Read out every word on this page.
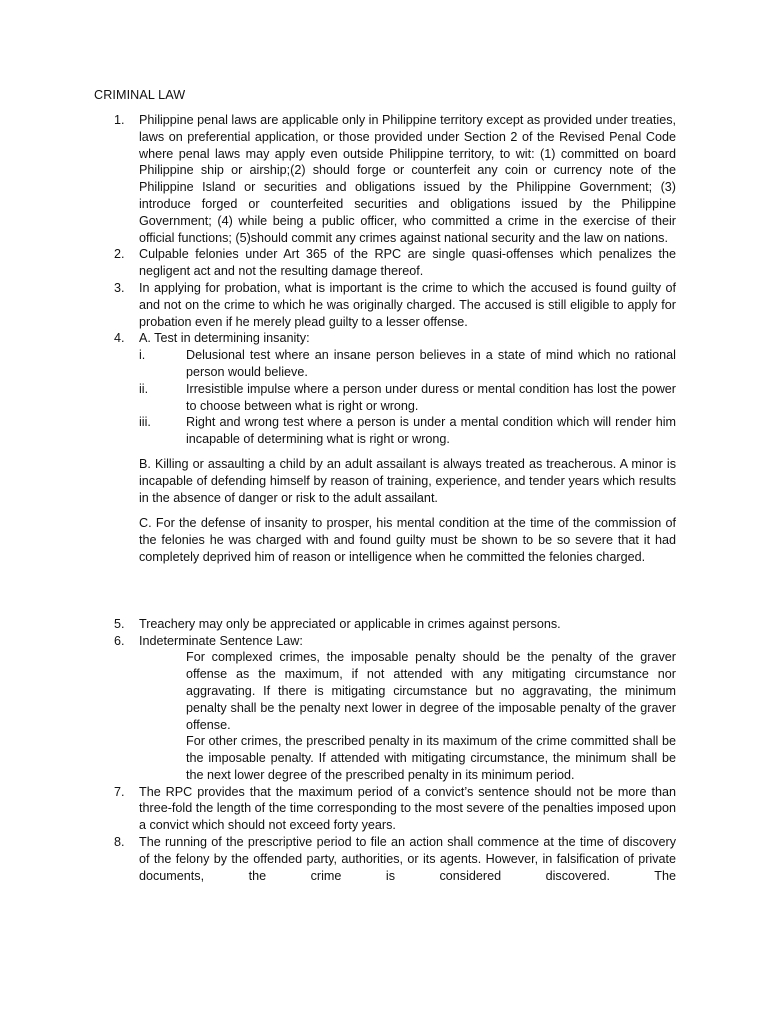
CRIMINAL LAW
1. Philippine penal laws are applicable only in Philippine territory except as provided under treaties, laws on preferential application, or those provided under Section 2 of the Revised Penal Code where penal laws may apply even outside Philippine territory, to wit: (1) committed on board Philippine ship or airship;(2) should forge or counterfeit any coin or currency note of the Philippine Island or securities and obligations issued by the Philippine Government; (3) introduce forged or counterfeited securities and obligations issued by the Philippine Government; (4) while being a public officer, who committed a crime in the exercise of their official functions; (5)should commit any crimes against national security and the law on nations.
2. Culpable felonies under Art 365 of the RPC are single quasi-offenses which penalizes the negligent act and not the resulting damage thereof.
3. In applying for probation, what is important is the crime to which the accused is found guilty of and not on the crime to which he was originally charged. The accused is still eligible to apply for probation even if he merely plead guilty to a lesser offense.
4. A. Test in determining insanity:
i.	Delusional test where an insane person believes in a state of mind which no rational person would believe.
ii.	Irresistible impulse where a person under duress or mental condition has lost the power to choose between what is right or wrong.
iii.	Right and wrong test where a person is under a mental condition which will render him incapable of determining what is right or wrong.
B. Killing or assaulting a child by an adult assailant is always treated as treacherous. A minor is incapable of defending himself by reason of training, experience, and tender years which results in the absence of danger or risk to the adult assailant.
C. For the defense of insanity to prosper, his mental condition at the time of the commission of the felonies he was charged with and found guilty must be shown to be so severe that it had completely deprived him of reason or intelligence when he committed the felonies charged.
5. Treachery may only be appreciated or applicable in crimes against persons.
6. Indeterminate Sentence Law:
For complexed crimes, the imposable penalty should be the penalty of the graver offense as the maximum, if not attended with any mitigating circumstance nor aggravating. If there is mitigating circumstance but no aggravating, the minimum penalty shall be the penalty next lower in degree of the imposable penalty of the graver offense.
For other crimes, the prescribed penalty in its maximum of the crime committed shall be the imposable penalty. If attended with mitigating circumstance, the minimum shall be the next lower degree of the prescribed penalty in its minimum period.
7. The RPC provides that the maximum period of a convict’s sentence should not be more than three-fold the length of the time corresponding to the most severe of the penalties imposed upon a convict which should not exceed forty years.
8. The running of the prescriptive period to file an action shall commence at the time of discovery of the felony by the offended party, authorities, or its agents. However, in falsification of private documents, the crime is considered discovered. The
